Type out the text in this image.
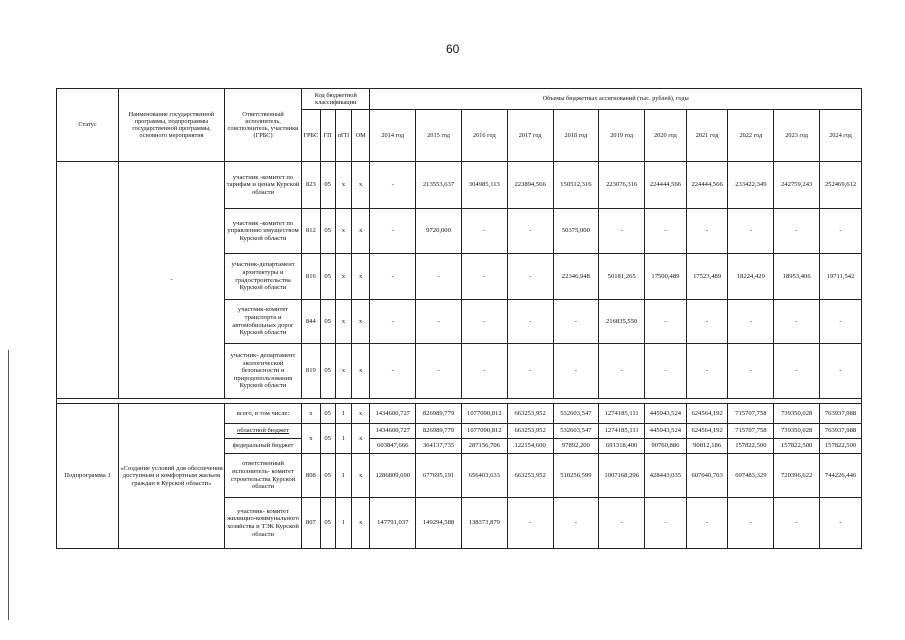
60
Статус	Наименование государственной программы, подпрограммы государственной программы, основного мероприятия	Ответственный исполнитель, соисполнитель, участники (ГРБС)	Код бюджетной классификации				Объемы бюджетных ассигнований (тыс. рублей), годы										
			ГРБС	ГП	пГП	ОМ	2014 год	2015 год	2016 год	2017 год	2018 год	2019 год	2020 год	2021 год	2022 год	2023 год	2024 год
	-	участник -комитет по тарифам и ценам Курской области	823	05	х	х	-	213553,637	304985,113	223894,566	150512,316	223076,316	224444,566	224444,566	233422,349	242759,243	252469,612
		участник -комитет по управлению имуществом Курской области	812	05	х	х	-	9720,000	-	-	50375,000	-	-	-	-	-	-
		участник-департамент архитектуры и градостроительства Курской области	816	05	х	х	-	-	-	-	22346,948	50181,265	17500,489	17523,489	18224,429	18953,406	19711,542
		участник-комитет транспорта и автомобильных дорог Курской области	844	05	х	х	-	-	-	-	-	216835,550	-	-	-	-	-
		участник- департамент экологической безопасности и природопользования Курской области	819	05	х	х	-	-	-	-	-	-	-	-	-	-	-

Подпрограмма 1	«Создание условий для обеспечения доступным и комфортным жильем граждан в Курской области»	всего, в том числе:	х	05	1	х	1434600,727	826989,779	1077090,812	663253,952	532603,547	1274185,111	445943,524	624564,192	715707,758	739350,028	763937,988
		областной бюджет	х	05	1	х	1434600,727	826989,779	1077090,812	663253,952	532603,547	1274185,111	445943,524	624564,192	715707,758	739350,028	763937,988
		федеральный бюджет					603847,666	364137,735	287156,706	122154,600	97892,200	691318,400	90760,886	90812,186	157822,500	157822,500	157822,500
		ответственный исполнитель- комитет строительства Курской области	808	05	1	х	1286809,690	677695,191	656403,633	663253,952	510256,599	1007168,296	428443,035	607040,703	697483,329	720396,622	744226,446
		участник- комитет жилищно-коммунального хозяйства и ТЭК Курской области	807	05	1	х	147791,037	149294,588	138373,879	-	-	-	-	-	-	-	-
